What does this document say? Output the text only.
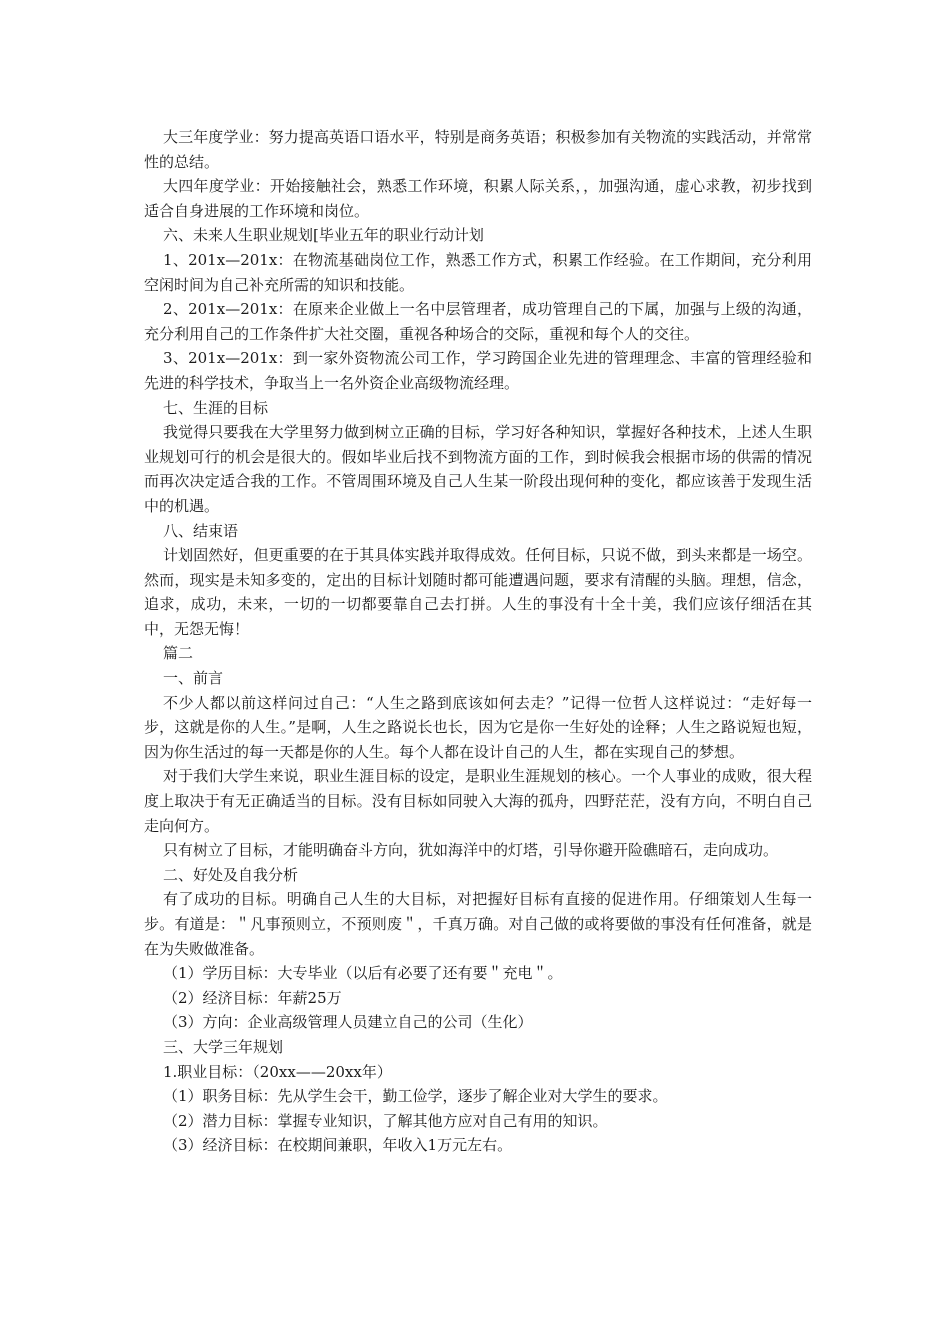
大三年度学业：努力提高英语口语水平，特别是商务英语；积极参加有关物流的实践活动，并常常性的总结。

大四年度学业：开始接触社会，熟悉工作环境，积累人际关系，，加强沟通，虚心求教，初步找到适合自身进展的工作环境和岗位。

六、未来人生职业规划[毕业五年的职业行动计划

1、201x—201x：在物流基础岗位工作，熟悉工作方式，积累工作经验。在工作期间，充分利用空闲时间为自己补充所需的知识和技能。

2、201x—201x：在原来企业做上一名中层管理者，成功管理自己的下属，加强与上级的沟通，充分利用自己的工作条件扩大社交圈，重视各种场合的交际，重视和每个人的交往。

3、201x—201x：到一家外资物流公司工作，学习跨国企业先进的管理理念、丰富的管理经验和先进的科学技术，争取当上一名外资企业高级物流经理。

七、生涯的目标

我觉得只要我在大学里努力做到树立正确的目标，学习好各种知识，掌握好各种技术，上述人生职业规划可行的机会是很大的。假如毕业后找不到物流方面的工作，到时候我会根据市场的供需的情况而再次决定适合我的工作。不管周围环境及自己人生某一阶段出现何种的变化，都应该善于发现生活中的机遇。

八、结束语

计划固然好，但更重要的在于其具体实践并取得成效。任何目标，只说不做，到头来都是一场空。然而，现实是未知多变的，定出的目标计划随时都可能遭遇问题，要求有清醒的头脑。理想，信念，追求，成功，未来，一切的一切都要靠自己去打拼。人生的事没有十全十美，我们应该仔细活在其中，无怨无悔！

篇二

一、前言

不少人都以前这样问过自己：“人生之路到底该如何去走？”记得一位哲人这样说过：“走好每一步，这就是你的人生。”是啊，人生之路说长也长，因为它是你一生好处的诠释；人生之路说短也短，因为你生活过的每一天都是你的人生。每个人都在设计自己的人生，都在实现自己的梦想。

对于我们大学生来说，职业生涯目标的设定，是职业生涯规划的核心。一个人事业的成败，很大程度上取决于有无正确适当的目标。没有目标如同驶入大海的孤舟，四野茫茫，没有方向，不明白自己走向何方。

只有树立了目标，才能明确奋斗方向，犹如海洋中的灯塔，引导你避开险礁暗石，走向成功。

二、好处及自我分析

有了成功的目标。明确自己人生的大目标，对把握好目标有直接的促进作用。仔细策划人生每一步。有道是：＂凡事预则立，不预则废＂，千真万确。对自己做的或将要做的事没有任何准备，就是在为失败做准备。

（1）学历目标：大专毕业（以后有必要了还有要＂充电＂。

（2）经济目标：年薪25万

（3）方向：企业高级管理人员建立自己的公司（生化）

三、大学三年规划

1.职业目标：（20xx——20xx年）

（1）职务目标：先从学生会干，勤工俭学，逐步了解企业对大学生的要求。

（2）潜力目标：掌握专业知识，了解其他方应对自己有用的知识。

（3）经济目标：在校期间兼职，年收入1万元左右。
